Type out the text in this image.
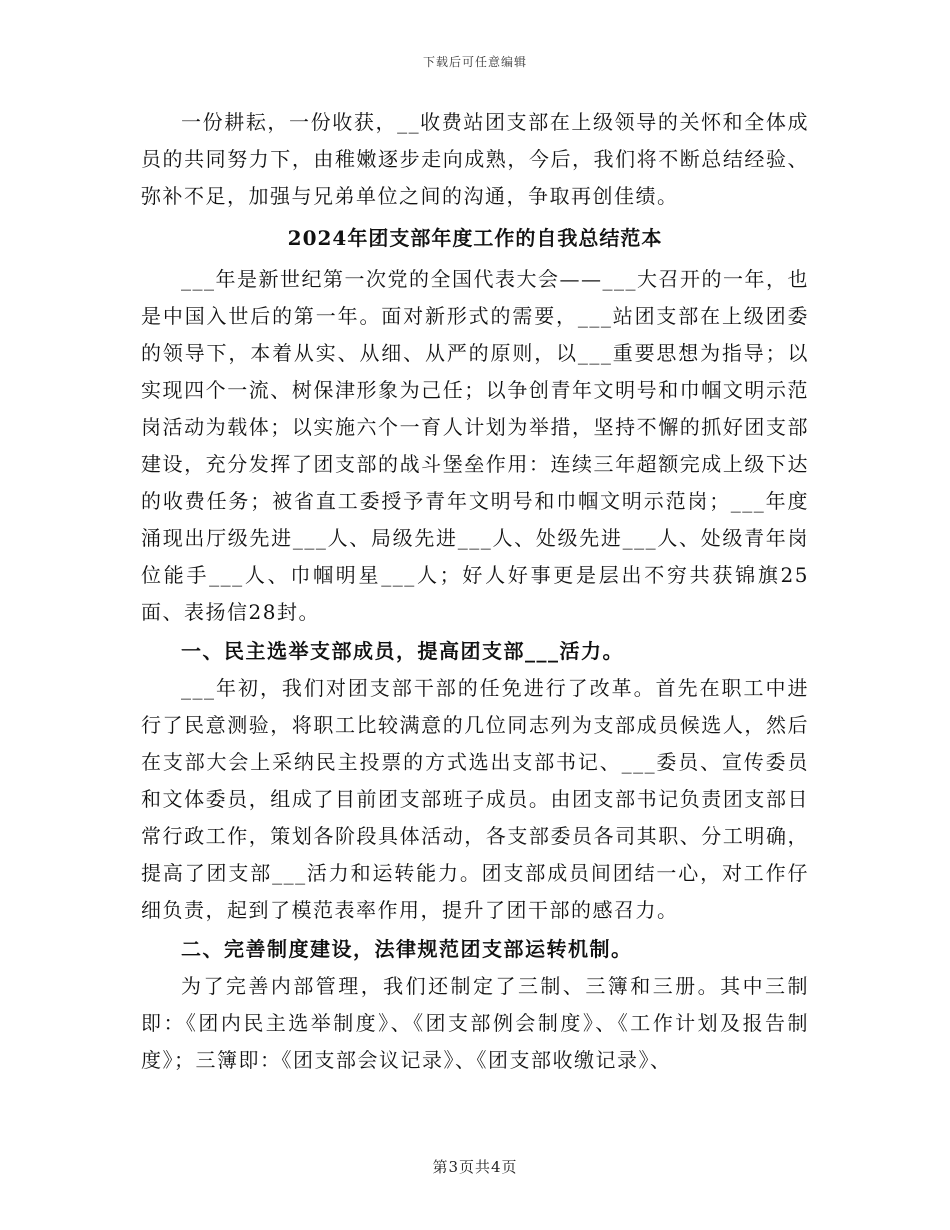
下载后可任意编辑

一份耕耘，一份收获，__收费站团支部在上级领导的关怀和全体成员的共同努力下，由稚嫩逐步走向成熟，今后，我们将不断总结经验、弥补不足，加强与兄弟单位之间的沟通，争取再创佳绩。

2024年团支部年度工作的自我总结范本

___年是新世纪第一次党的全国代表大会——___大召开的一年，也是中国入世后的第一年。面对新形式的需要，___站团支部在上级团委的领导下，本着从实、从细、从严的原则，以___重要思想为指导；以实现四个一流、树保津形象为己任；以争创青年文明号和巾帼文明示范岗活动为载体；以实施六个一育人计划为举措，坚持不懈的抓好团支部建设，充分发挥了团支部的战斗堡垒作用：连续三年超额完成上级下达的收费任务；被省直工委授予青年文明号和巾帼文明示范岗；___年度涌现出厅级先进___人、局级先进___人、处级先进___人、处级青年岗位能手___人、巾帼明星___人；好人好事更是层出不穷共获锦旗25面、表扬信28封。

一、民主选举支部成员，提高团支部___活力。

___年初，我们对团支部干部的任免进行了改革。首先在职工中进行了民意测验，将职工比较满意的几位同志列为支部成员候选人，然后在支部大会上采纳民主投票的方式选出支部书记、___委员、宣传委员和文体委员，组成了目前团支部班子成员。由团支部书记负责团支部日常行政工作，策划各阶段具体活动，各支部委员各司其职、分工明确，提高了团支部___活力和运转能力。团支部成员间团结一心，对工作仔细负责，起到了模范表率作用，提升了团干部的感召力。

二、完善制度建设，法律规范团支部运转机制。

为了完善内部管理，我们还制定了三制、三簿和三册。其中三制即：《团内民主选举制度》、《团支部例会制度》、《工作计划及报告制度》；三簿即：《团支部会议记录》、《团支部收缴记录》、

第3页共4页
